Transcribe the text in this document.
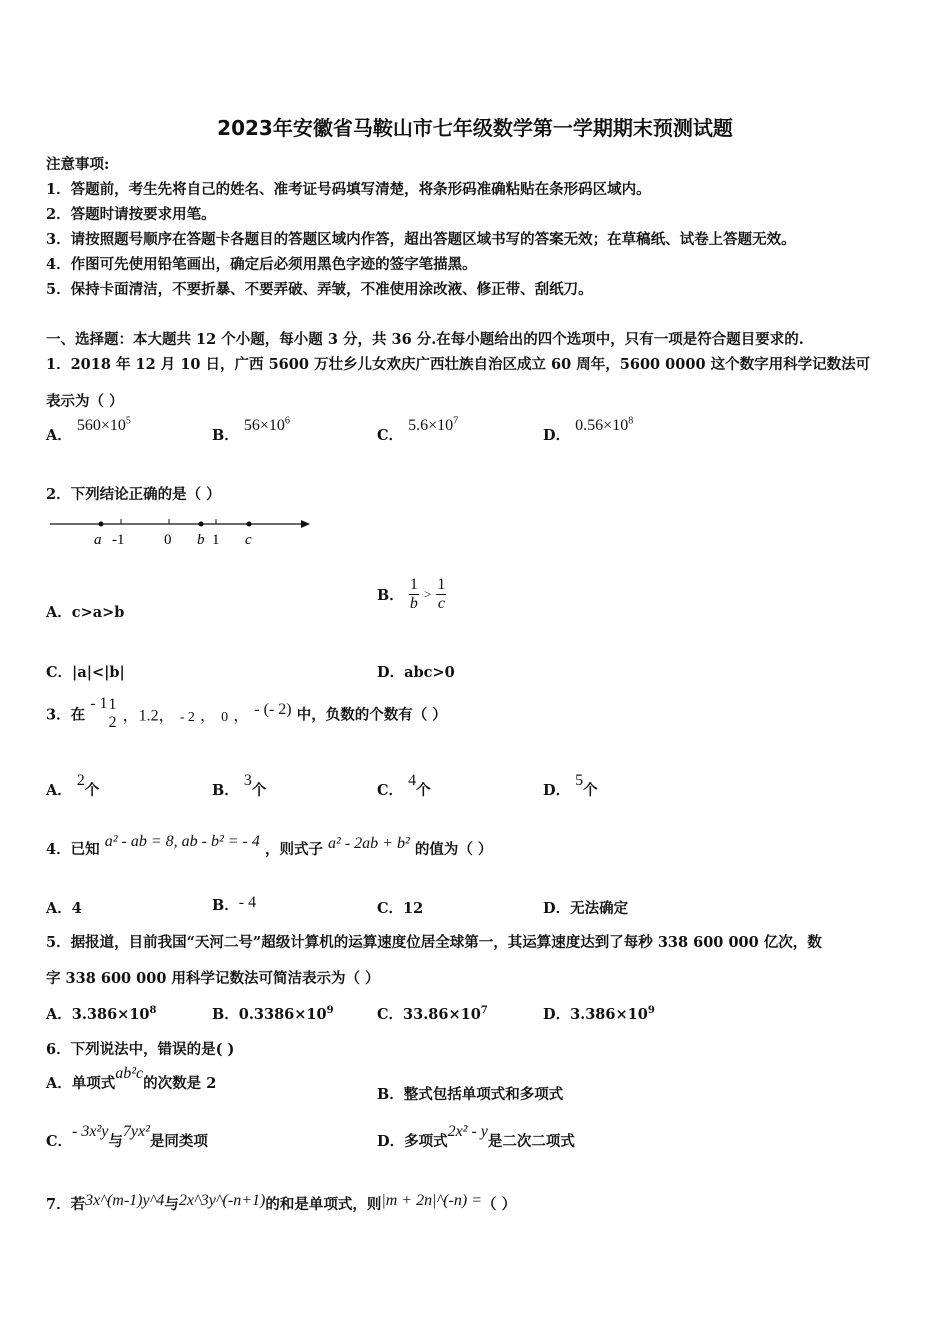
2023年安徽省马鞍山市七年级数学第一学期期末预测试题
注意事项:
1．答题前，考生先将自己的姓名、准考证号码填写清楚，将条形码准确粘贴在条形码区域内。
2．答题时请按要求用笔。
3．请按照题号顺序在答题卡各题目的答题区域内作答，超出答题区域书写的答案无效；在草稿纸、试卷上答题无效。
4．作图可先使用铅笔画出，确定后必须用黑色字迹的签字笔描黑。
5．保持卡面清洁，不要折暴、不要弄破、弄皱，不准使用涂改液、修正带、刮纸刀。
一、选择题：本大题共 12 个小题，每小题 3 分，共 36 分.在每小题给出的四个选项中，只有一项是符合题目要求的.
1．2018 年 12 月 10 日，广西 5600 万壮乡儿女欢庆广西壮族自治区成立 60 周年，5600 0000 这个数字用科学记数法可
表示为（ ）
A． $560\times 10^5$
B． $56\times 10^6$
C． $5.6\times 10^7$
D． $0.56\times 10^8$
2．下列结论正确的是（ ）
a -1	0 b 1 c
A．c>a>b
B． $\frac{1}{b} > \frac{1}{c}$
C．|a|<|b|	D．abc>0
3．在 - 1 1
2 ，1.2， - 2 ， 0 ， - (- 2) 中，负数的个数有（ ）
A． 2个	B． 3个	C． 4个	D． 5个
4．已知 a² - ab = 8, ab - b² = - 4 ，则式子 a² - 2ab + b² 的值为（ ）
A．4	B．- 4	C．12	D．无法确定
5．据报道，目前我国“天河二号”超级计算机的运算速度位居全球第一，其运算速度达到了每秒 338 600 000 亿次，数
字 338 600 000 用科学记数法可简洁表示为（ ）
A．$3.386\times 10^8$	B．$0.3386\times 10^9$	C．$33.86\times 10^7$	D．$3.386\times 10^9$
6．下列说法中，错误的是( )
A．单项式ab²c的次数是 2
B．整式包括单项式和多项式
C．- 3x²y与7yx²是同类项	D．多项式2x² - y是二次二项式
7．若3x^(m-1)y^4与2x^3y^(-n+1)的和是单项式，则|m + 2n|^(-n) =（ ）
